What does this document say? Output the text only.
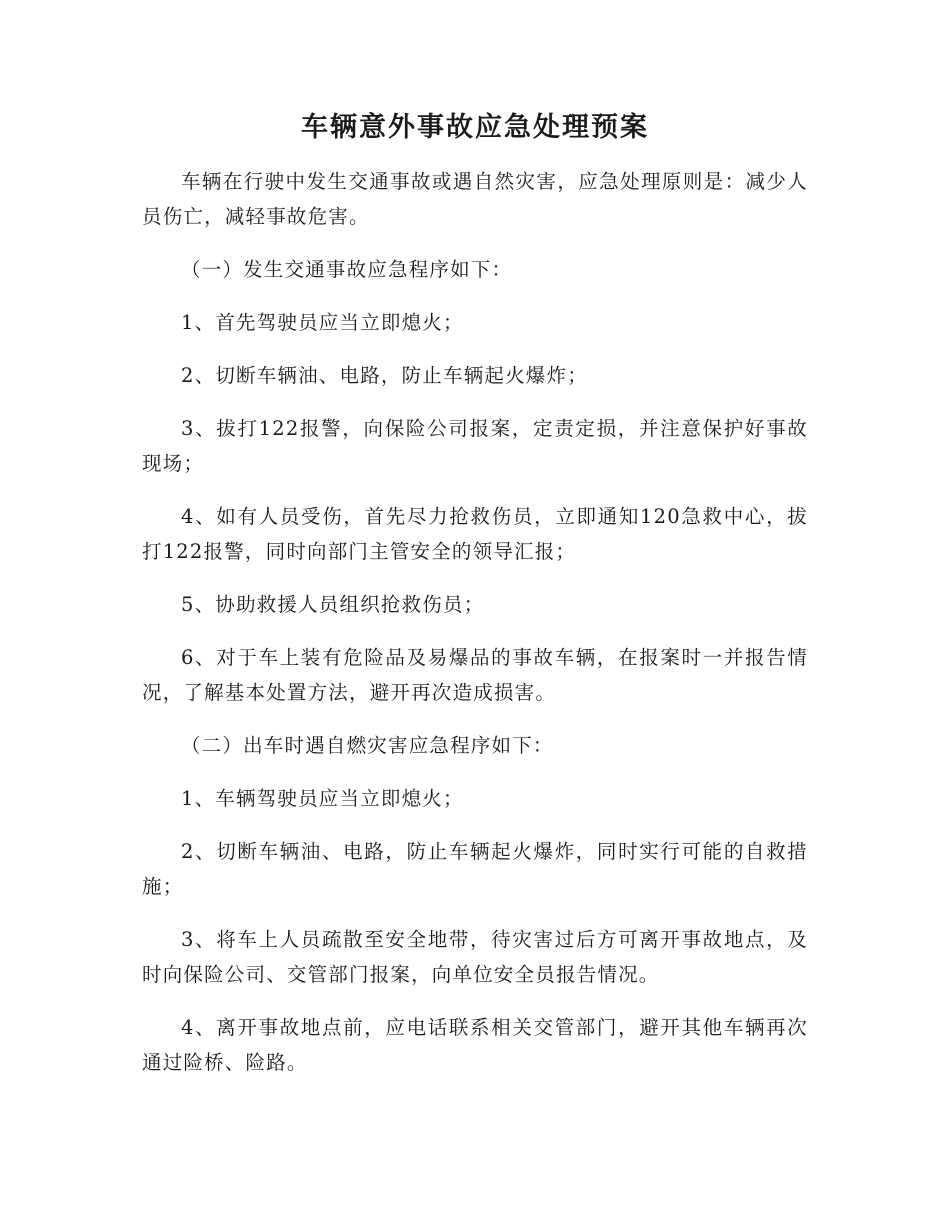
车辆意外事故应急处理预案

车辆在行驶中发生交通事故或遇自然灾害，应急处理原则是：减少人员伤亡，减轻事故危害。

（一）发生交通事故应急程序如下：

1、首先驾驶员应当立即熄火；

2、切断车辆油、电路，防止车辆起火爆炸；

3、拔打122报警，向保险公司报案，定责定损，并注意保护好事故现场；

4、如有人员受伤，首先尽力抢救伤员，立即通知120急救中心，拔打122报警，同时向部门主管安全的领导汇报；

5、协助救援人员组织抢救伤员；

6、对于车上装有危险品及易爆品的事故车辆，在报案时一并报告情况，了解基本处置方法，避开再次造成损害。

（二）出车时遇自燃灾害应急程序如下：

1、车辆驾驶员应当立即熄火；

2、切断车辆油、电路，防止车辆起火爆炸，同时实行可能的自救措施；

3、将车上人员疏散至安全地带，待灾害过后方可离开事故地点，及时向保险公司、交管部门报案，向单位安全员报告情况。

4、离开事故地点前，应电话联系相关交管部门，避开其他车辆再次通过险桥、险路。
